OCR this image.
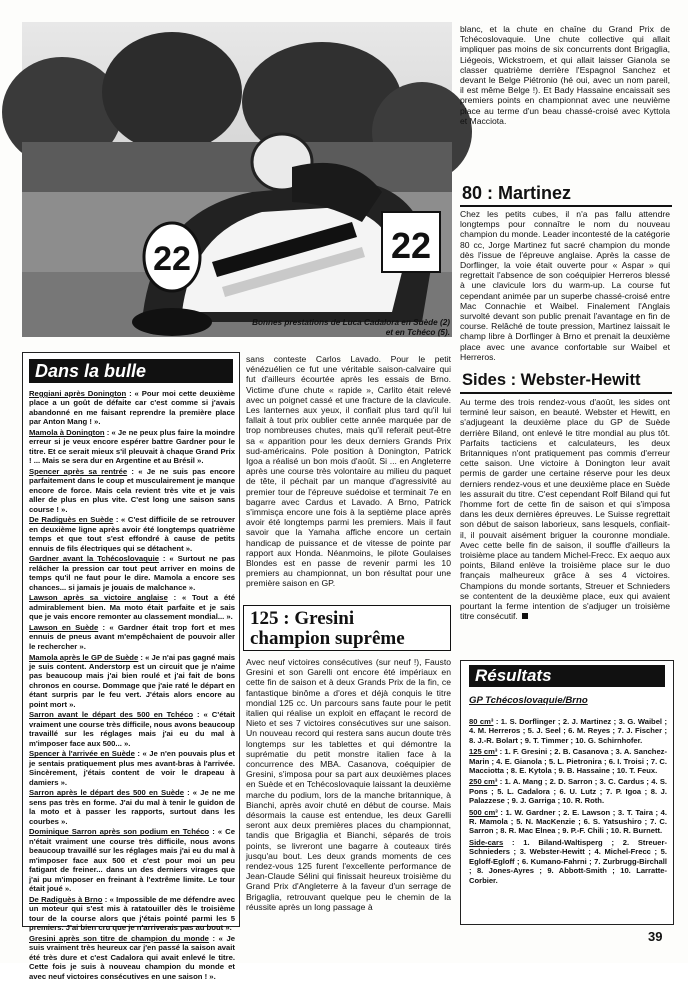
22	22
Bonnes prestations de Luca Cadalora en Suède (2) et en Tchéco (5).
Dans la bulle
Reggiani après Donington : « Pour moi cette deuxième place a un goût de défaite car c'est comme si j'avais abandonné en me faisant reprendre la première place par Anton Mang ! ».
Mamola à Donington : « Je ne peux plus faire la moindre erreur si je veux encore espérer battre Gardner pour le titre. Et ce serait mieux s'il pleuvait à chaque Grand Prix ! ... Mais se sera dur en Argentine et au Brésil ».
Spencer après sa rentrée : « Je ne suis pas encore parfaitement dans le coup et musculairement je manque encore de force. Mais cela revient très vite et je vais aller de plus en plus vite. C'est long une saison sans course ! ».
De Radiguès en Suède : « C'est difficile de se retrouver en deuxième ligne après avoir été longtemps quatrième temps et que tout s'est effondré à cause de petits ennuis de fils électriques qui se détachent ».
Gardner avant la Tchécoslovaquie : « Surtout ne pas relâcher la pression car tout peut arriver en moins de temps qu'il ne faut pour le dire. Mamola a encore ses chances... si jamais je jouais de malchance ».
Lawson après sa victoire anglaise : « Tout a été admirablement bien. Ma moto était parfaite et je sais que je vais encore remonter au classement mondial... ».
Lawson en Suède : « Gardner était trop fort et mes ennuis de pneus avant m'empêchaient de pouvoir aller le rechercher ».
Mamola après le GP de Suède : « Je n'ai pas gagné mais je suis content. Anderstorp est un circuit que je n'aime pas beaucoup mais j'ai bien roulé et j'ai fait de bons chronos en course. Dommage que j'aie raté le départ en étant surpris par le feu vert. J'étais alors encore au point mort ».
Sarron avant le départ des 500 en Tchéco : « C'était vraiment une course très difficile, nous avons beaucoup travaillé sur les réglages mais j'ai eu du mal à m'imposer face aux 500... ».
Spencer à l'arrivée en Suède : « Je n'en pouvais plus et je sentais pratiquement plus mes avant-bras à l'arrivée. Sincèrement, j'étais content de voir le drapeau à damiers ».
Sarron après le départ des 500 en Suède : « Je ne me sens pas très en forme. J'ai du mal à tenir le guidon de la moto et à passer les rapports, surtout dans les courbes ».
Dominique Sarron après son podium en Tchéco : « Ce n'était vraiment une course très difficile, nous avons beaucoup travaillé sur les réglages mais j'ai eu du mal à m'imposer face aux 500 et c'est pour moi un peu fatigant de freiner... dans un des derniers virages que j'ai pu m'imposer en freinant à l'extrême limite. Le tour était joué ».
De Radiguès à Brno : « Impossible de me défendre avec un moteur qui s'est mis à ratatouiller dès le troisième tour de la course alors que j'étais pointé parmi les 5 premiers. J'ai bien cru que je n'arriverais pas au bout ».
Gresini après son titre de champion du monde : « Je suis vraiment très heureux car j'en passé la saison avait été très dure et c'est Cadalora qui avait enlevé le titre. Cette fois je suis à nouveau champion du monde et avec neuf victoires consécutives en une saison ! ».

sans conteste Carlos Lavado. Pour le petit vénézuélien ce fut une véritable saison-calvaire qui fut d'ailleurs écourtée après les essais de Brno. Victime d'une chute « rapide », Carlito était relevé avec un poignet cassé et une fracture de la clavicule. Les lanternes aux yeux, il confiait plus tard qu'il lui fallait à tout prix oublier cette année marquée par de trop nombreuses chutes, mais qu'il referait peut-être sa « apparition pour les deux derniers Grands Prix sud-américains. Pole position à Donington, Patrick Igoa a réalisé un bon mois d'août. Si ... en Angleterre après une course très volontaire au milieu du paquet de tête, il péchait par un manque d'agressivité au premier tour de l'épreuve suédoise et terminait 7e en bagarre avec Cardus et Lavado. A Brno, Patrick s'immisça encore une fois à la septième place après avoir été longtemps parmi les premiers. Mais il faut savoir que la Yamaha affiche encore un certain handicap de puissance et de vitesse de pointe par rapport aux Honda. Néanmoins, le pilote Goulaises Blondes est en passe de revenir parmi les 10 premiers au championnat, un bon résultat pour une première saison en GP.

125 : Gresini
champion suprême

Avec neuf victoires consécutives (sur neuf !), Fausto Gresini et son Garelli ont encore été impériaux en cette fin de saison et à deux Grands Prix de la fin, ce fantastique binôme a d'ores et déjà conquis le titre mondial 125 cc. Un parcours sans faute pour le petit italien qui réalise un exploit en effaçant le record de Nieto et ses 7 victoires consécutives sur une saison. Un nouveau record qui restera sans aucun doute très longtemps sur les tablettes et qui démontre la suprématie du petit monstre italien face à la concurrence des MBA. Casanova, coéquipier de Gresini, s'imposa pour sa part aux deuxièmes places en Suède et en Tchécoslovaquie laissant la deuxième marche du podium, lors de la manche britannique, à Bianchi, après avoir chuté en début de course. Mais désormais la cause est entendue, les deux Garelli seront aux deux premières places du championnat, tandis que Brigaglia et Bianchi, séparés de trois points, se livreront une bagarre à couteaux tirés jusqu'au bout. Les deux grands moments de ces rendez-vous 125 furent l'excellente performance de Jean-Claude Sélini qui finissait heureux troisième du Grand Prix d'Angleterre à la faveur d'un serrage de Brigaglia, retrouvant quelque peu le chemin de la réussite après un long passage à

blanc, et la chute en chaîne du Grand Prix de Tchécoslovaquie. Une chute collective qui allait impliquer pas moins de six concurrents dont Brigaglia, Liégeois, Wickstroem, et qui allait laisser Gianola se classer quatrième derrière l'Espagnol Sanchez et devant le Belge Piétronio (hé oui, avec un nom pareil, il est même Belge !). Et Bady Hassaine encaissait ses premiers points en championnat avec une neuvième place au terme d'un beau chassé-croisé avec Kyttola et Macciota.

80 : Martinez

Chez les petits cubes, il n'a pas fallu attendre longtemps pour connaître le nom du nouveau champion du monde. Leader incontesté de la catégorie 80 cc, Jorge Martinez fut sacré champion du monde dès l'issue de l'épreuve anglaise. Après la casse de Dorflinger, la voie était ouverte pour « Aspar » qui regrettait l'absence de son coéquipier Herreros blessé à une clavicule lors du warm-up. La course fut cependant animée par un superbe chassé-croisé entre Mac Connachie et Waibel. Finalement l'Anglais survolté devant son public prenait l'avantage en fin de course. Relâché de toute pression, Martinez laissait le champ libre à Dorflinger à Brno et prenait la deuxième place avec une avance confortable sur Waibel et Herreros.

Sides : Webster-Hewitt

Au terme des trois rendez-vous d'août, les sides ont terminé leur saison, en beauté. Webster et Hewitt, en s'adjugeant la deuxième place du GP de Suède derrière Biland, ont enlevé le titre mondial au plus tôt. Parfaits tacticiens et calculateurs, les deux Britanniques n'ont pratiquement pas commis d'erreur cette saison. Une victoire à Donington leur avait permis de garder une certaine réserve pour les deux derniers rendez-vous et une deuxième place en Suède les assurait du titre. C'est cependant Rolf Biland qui fut l'homme fort de cette fin de saison et qui s'imposa dans les deux dernières épreuves. Le Suisse regrettait son début de saison laborieux, sans lesquels, confiait-il, il pouvait aisément briguer la couronne mondiale. Avec cette belle fin de saison, il souffle d'ailleurs la troisième place au tandem Michel-Frecc. Ex aequo aux points, Biland enlève la troisième place sur le duo français malheureux grâce à ses 4 victoires. Champions du monde sortants, Streuer et Schnieders se contentent de la deuxième place, eux qui avaient pourtant la ferme intention de s'adjuger un troisième titre consécutif.

Résultats
GP Tchécoslovaquie/Brno
80 cm³ : 1. S. Dorflinger ; 2. J. Martinez ; 3. G. Waibel ; 4. M. Herreros ; 5. J. Seel ; 6. M. Reyes ; 7. J. Fischer ; 8. J.-R. Bolart ; 9. T. Timmer ; 10. G. Schirnhofer.
125 cm³ : 1. F. Gresini ; 2. B. Casanova ; 3. A. Sanchez-Marin ; 4. E. Gianola ; 5. L. Pietronira ; 6. I. Troisi ; 7. C. Macciotta ; 8. E. Kytola ; 9. B. Hassaine ; 10. T. Feux.
250 cm³ : 1. A. Mang ; 2. D. Sarron ; 3. C. Cardus ; 4. S. Pons ; 5. L. Cadalora ; 6. U. Lutz ; 7. P. Igoa ; 8. J. Palazzese ; 9. J. Garriga ; 10. R. Roth.
500 cm³ : 1. W. Gardner ; 2. E. Lawson ; 3. T. Taira ; 4. R. Mamola ; 5. N. MacKenzie ; 6. S. Yatsushiro ; 7. C. Sarron ; 8. R. Mac Elnea ; 9. P.-F. Chili ; 10. R. Burnett.
Side-cars : 1. Biland-Waltisperg ; 2. Streuer-Schnieders ; 3. Webster-Hewitt ; 4. Michel-Frecc ; 5. Egloff-Egloff ; 6. Kumano-Fahrni ; 7. Zurbrugg-Birchall ; 8. Jones-Ayres ; 9. Abbott-Smith ; 10. Larratte-Corbier.
39
